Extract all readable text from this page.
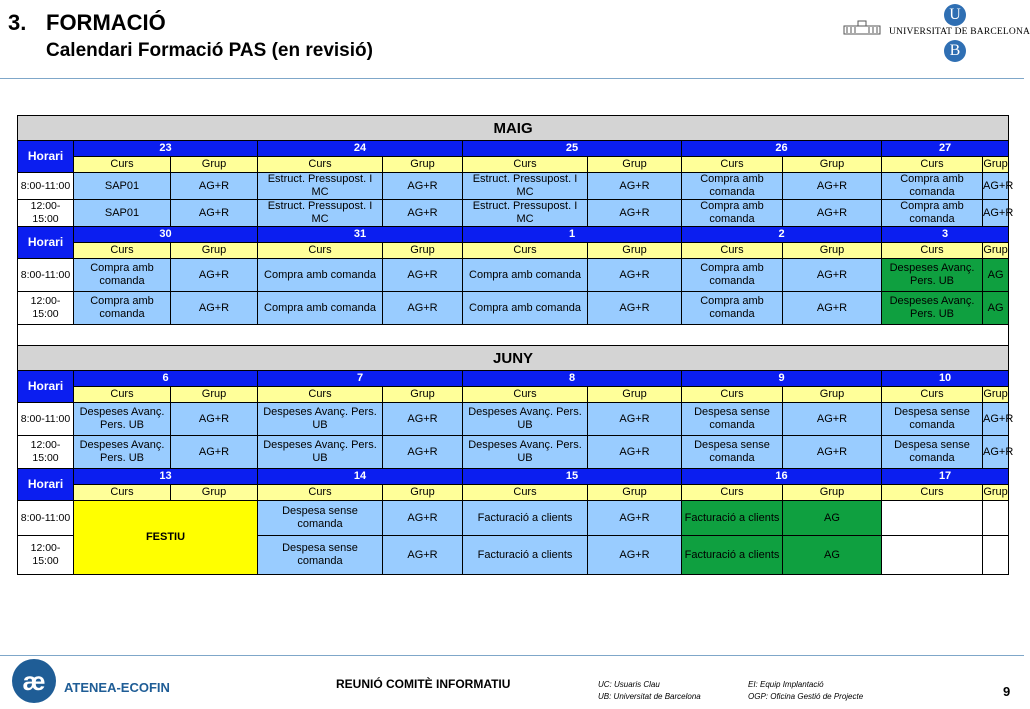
3. FORMACIÓ
Calendari Formació PAS (en revisió)
U
B
UNIVERSITAT DE BARCELONA
MAIG										
Horari	23		24		25		26		27	
	Curs	Grup	Curs	Grup	Curs	Grup	Curs	Grup	Curs	Grup
8:00-11:00	SAP01	AG+R	Estruct. Pressupost. I MC	AG+R	Estruct. Pressupost. I MC	AG+R	Compra amb comanda	AG+R	Compra amb comanda	AG+R
12:00-15:00	SAP01	AG+R	Estruct. Pressupost. I MC	AG+R	Estruct. Pressupost. I MC	AG+R	Compra amb comanda	AG+R	Compra amb comanda	AG+R
Horari	30		31		1		2		3	
	Curs	Grup	Curs	Grup	Curs	Grup	Curs	Grup	Curs	Grup
8:00-11:00	Compra amb comanda	AG+R	Compra amb comanda	AG+R	Compra amb comanda	AG+R	Compra amb comanda	AG+R	Despeses Avanç. Pers. UB	AG
12:00-15:00	Compra amb comanda	AG+R	Compra amb comanda	AG+R	Compra amb comanda	AG+R	Compra amb comanda	AG+R	Despeses Avanç. Pers. UB	AG

JUNY										
Horari	6		7		8		9		10	
	Curs	Grup	Curs	Grup	Curs	Grup	Curs	Grup	Curs	Grup
8:00-11:00	Despeses Avanç. Pers. UB	AG+R	Despeses Avanç. Pers. UB	AG+R	Despeses Avanç. Pers. UB	AG+R	Despesa sense comanda	AG+R	Despesa sense comanda	AG+R
12:00-15:00	Despeses Avanç. Pers. UB	AG+R	Despeses Avanç. Pers. UB	AG+R	Despeses Avanç. Pers. UB	AG+R	Despesa sense comanda	AG+R	Despesa sense comanda	AG+R
Horari	13		14		15		16		17	
	Curs	Grup	Curs	Grup	Curs	Grup	Curs	Grup	Curs	Grup
8:00-11:00	FESTIU		Despesa sense comanda	AG+R	Facturació a clients	AG+R	Facturació a clients	AG		
12:00-15:00			Despesa sense comanda	AG+R	Facturació a clients	AG+R	Facturació a clients	AG		
æ ATENEA-ECOFIN	REUNIÓ COMITÈ INFORMATIU	UC: Usuaris Clau
UB: Universitat de Barcelona
EI: Equip Implantació
OGP: Oficina Gestió de Projecte	9
